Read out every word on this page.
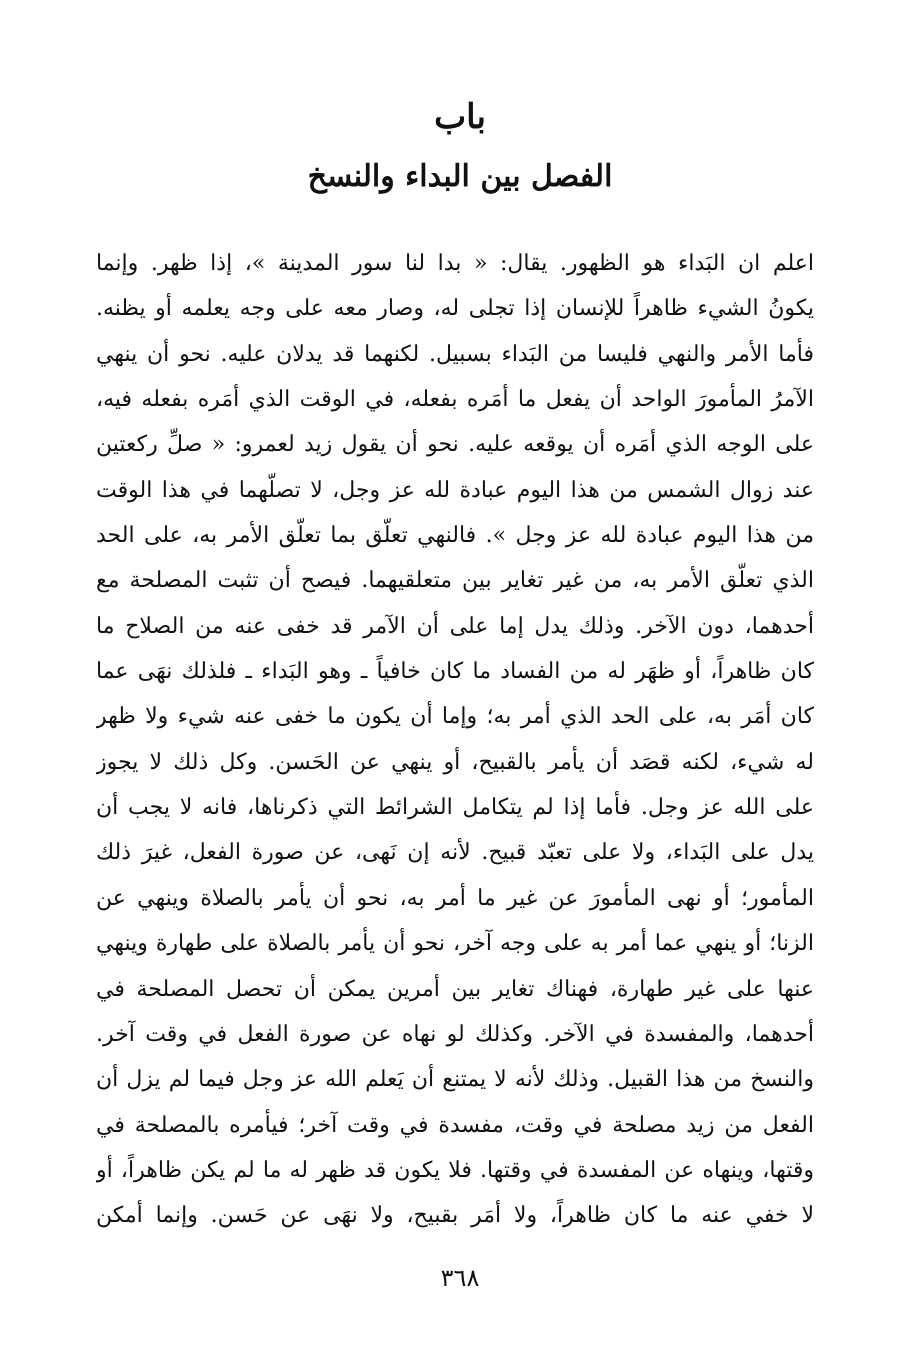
باب
الفصل بين البداء والنسخ
اعلم ان البَداء هو الظهور. يقال: « بدا لنا سور المدينة »، إذا ظهر. وإنما
يكونُ الشيء ظاهراً للإنسان إذا تجلى له، وصار معه على وجه يعلمه أو يظنه.
فأما الأمر والنهي فليسا من البَداء بسبيل. لكنهما قد يدلان عليه. نحو أن ينهي
الآمرُ المأمورَ الواحد أن يفعل ما أمَره بفعله، في الوقت الذي أمَره بفعله فيه،
على الوجه الذي أمَره أن يوقعه عليه. نحو أن يقول زيد لعمرو: « صلِّ ركعتين
عند زوال الشمس من هذا اليوم عبادة لله عز وجل، لا تصلّهما في هذا الوقت
من هذا اليوم عبادة لله عز وجل ». فالنهي تعلّق بما تعلّق الأمر به، على الحد
الذي تعلّق الأمر به، من غير تغاير بين متعلقيهما. فيصح أن تثبت المصلحة مع
أحدهما، دون الآخر. وذلك يدل إما على أن الآمر قد خفى عنه من الصلاح ما
كان ظاهراً، أو ظهَر له من الفساد ما كان خافياً ـ وهو البَداء ـ فلذلك نهَى عما
كان أمَر به، على الحد الذي أمر به؛ وإما أن يكون ما خفى عنه شيء ولا ظهر
له شيء، لكنه قصَد أن يأمر بالقبيح، أو ينهي عن الحَسن. وكل ذلك لا يجوز
على الله عز وجل. فأما إذا لم يتكامل الشرائط التي ذكرناها، فانه لا يجب أن
يدل على البَداء، ولا على تعبّد قبيح. لأنه إن نَهى، عن صورة الفعل، غيرَ ذلك
المأمور؛ أو نهى المأمورَ عن غير ما أمر به، نحو أن يأمر بالصلاة وينهي عن
الزنا؛ أو ينهي عما أمر به على وجه آخر، نحو أن يأمر بالصلاة على طهارة وينهي
عنها على غير طهارة، فهناك تغاير بين أمرين يمكن أن تحصل المصلحة في
أحدهما، والمفسدة في الآخر. وكذلك لو نهاه عن صورة الفعل في وقت آخر.
والنسخ من هذا القبيل. وذلك لأنه لا يمتنع أن يَعلم الله عز وجل فيما لم يزل أن
الفعل من زيد مصلحة في وقت، مفسدة في وقت آخر؛ فيأمره بالمصلحة في
وقتها، وينهاه عن المفسدة في وقتها. فلا يكون قد ظهر له ما لم يكن ظاهراً، أو
لا خفي عنه ما كان ظاهراً، ولا أمَر بقبيح، ولا نهَى عن حَسن. وإنما أمكن
٣٦٨
